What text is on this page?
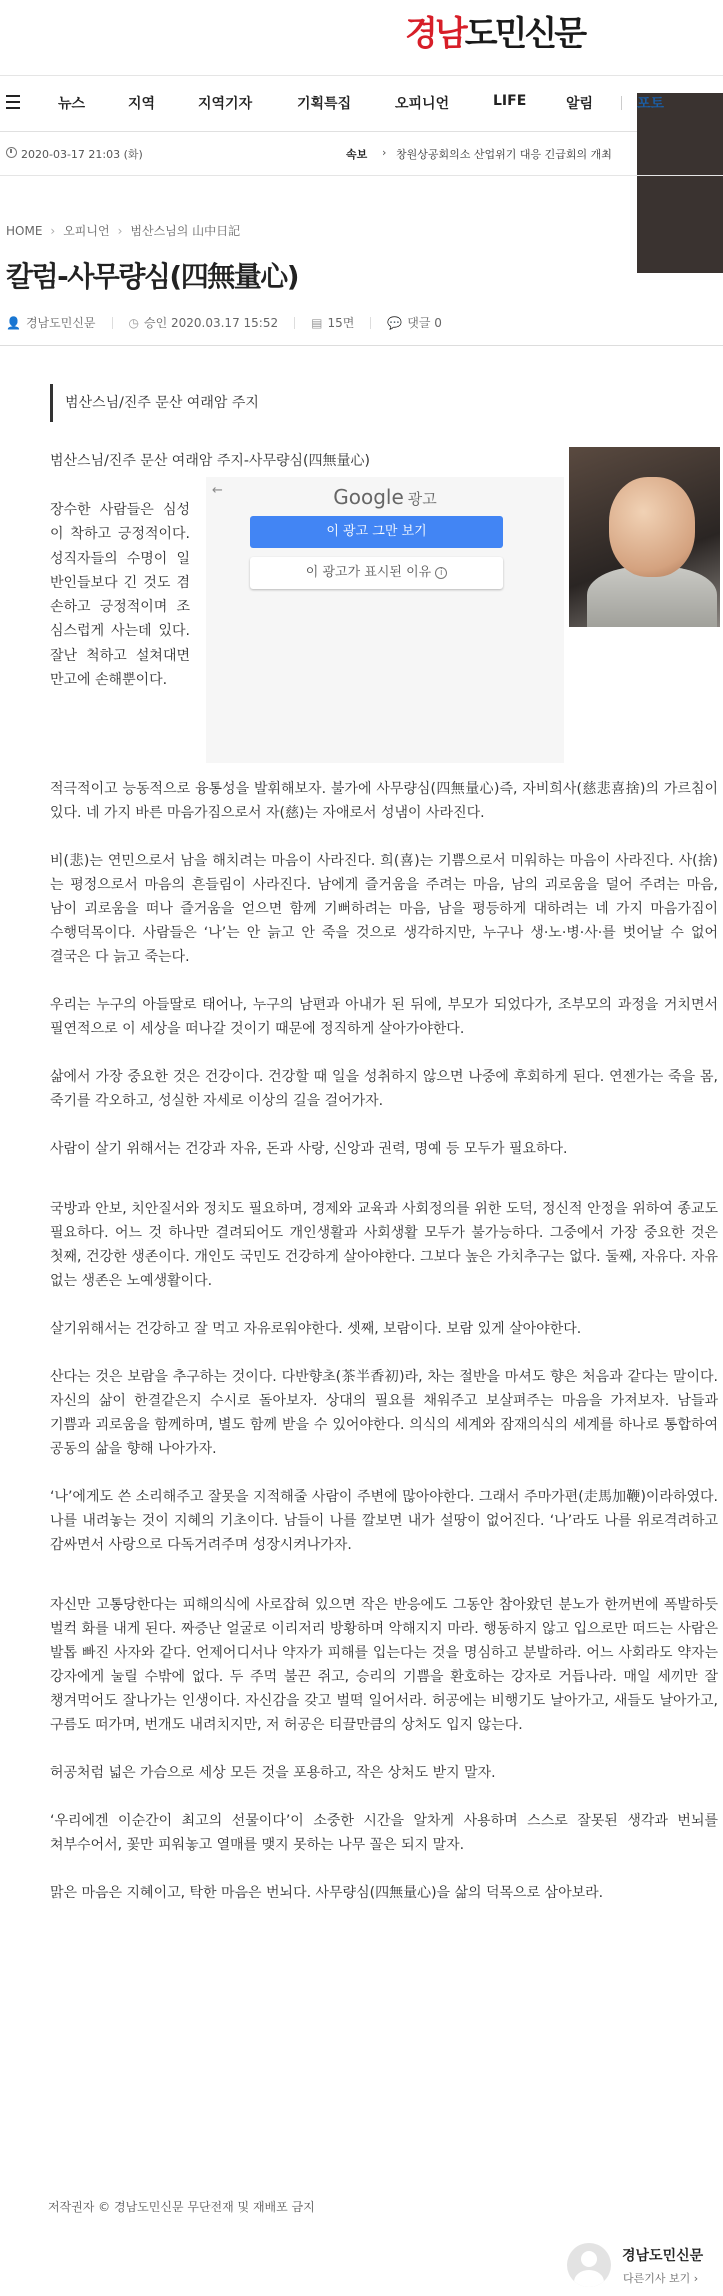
경남도민신문
뉴스	지역	지역기자	기획특집	오피니언	LIFE	알림	포토
2020-03-17 21:03 (화)	속보 › 창원상공회의소 산업위기 대응 긴급회의 개최
HOME › 오피니언 › 범산스님의 山中日記
칼럼-사무량심(四無量心)
👤 경남도민신문	◷ 승인 2020.03.17 15:52	▤ 15면	💬 댓글 0
범산스님/진주 문산 여래암 주지
범산스님/진주 문산 여래암 주지-사무량심(四無量心)
장수한 사람들은 심성이 착하고 긍정적이다. 성직자들의 수명이 일반인들보다 긴 것도 겸손하고 긍정적이며 조심스럽게 사는데 있다. 잘난 척하고 설쳐대면 만고에 손해뿐이다.
←	Google 광고
이 광고 그만 보기
이 광고가 표시된 이유 i

적극적이고 능동적으로 융통성을 발휘해보자. 불가에 사무량심(四無量心)즉, 자비희사(慈悲喜捨)의 가르침이 있다. 네 가지 바른 마음가짐으로서 자(慈)는 자애로서 성냄이 사라진다.

비(悲)는 연민으로서 남을 해치려는 마음이 사라진다. 희(喜)는 기쁨으로서 미워하는 마음이 사라진다. 사(捨)는 평정으로서 마음의 흔들림이 사라진다. 남에게 즐거움을 주려는 마음, 남의 괴로움을 덜어 주려는 마음, 남이 괴로움을 떠나 즐거움을 얻으면 함께 기뻐하려는 마음, 남을 평등하게 대하려는 네 가지 마음가짐이 수행덕목이다. 사람들은 ‘나’는 안 늙고 안 죽을 것으로 생각하지만, 누구나 생·노·병·사·를 벗어날 수 없어 결국은 다 늙고 죽는다.

우리는 누구의 아들딸로 태어나, 누구의 남편과 아내가 된 뒤에, 부모가 되었다가, 조부모의 과정을 거치면서 필연적으로 이 세상을 떠나갈 것이기 때문에 정직하게 살아가야한다.

삶에서 가장 중요한 것은 건강이다. 건강할 때 일을 성취하지 않으면 나중에 후회하게 된다. 연젠가는 죽을 몸, 죽기를 각오하고, 성실한 자세로 이상의 길을 걸어가자.

사람이 살기 위해서는 건강과 자유, 돈과 사랑, 신앙과 권력, 명예 등 모두가 필요하다.

국방과 안보, 치안질서와 정치도 필요하며, 경제와 교육과 사회정의를 위한 도덕, 정신적 안정을 위하여 종교도 필요하다. 어느 것 하나만 결려되어도 개인생활과 사회생활 모두가 불가능하다. 그중에서 가장 중요한 것은 첫째, 건강한 생존이다. 개인도 국민도 건강하게 살아야한다. 그보다 높은 가치추구는 없다. 둘째, 자유다. 자유 없는 생존은 노예생활이다.

살기위해서는 건강하고 잘 먹고 자유로워야한다. 셋째, 보람이다. 보람 있게 살아야한다.

산다는 것은 보람을 추구하는 것이다. 다반향초(茶半香初)라, 차는 절반을 마셔도 향은 처음과 같다는 말이다. 자신의 삶이 한결같은지 수시로 돌아보자. 상대의 필요를 채워주고 보살펴주는 마음을 가져보자. 남들과 기쁨과 괴로움을 함께하며, 별도 함께 받을 수 있어야한다. 의식의 세계와 잠재의식의 세계를 하나로 통합하여 공동의 삶을 향해 나아가자.

‘나’에게도 쓴 소리해주고 잘못을 지적해줄 사람이 주변에 많아야한다. 그래서 주마가편(走馬加鞭)이라하였다. 나를 내려놓는 것이 지혜의 기초이다. 남들이 나를 깔보면 내가 설땅이 없어진다. ‘나’라도 나를 위로격려하고 감싸면서 사랑으로 다독거려주며 성장시켜나가자.

자신만 고통당한다는 피해의식에 사로잡혀 있으면 작은 반응에도 그동안 참아왔던 분노가 한꺼번에 폭발하듯 벌컥 화를 내게 된다. 짜증난 얼굴로 이리저리 방황하며 악해지지 마라. 행동하지 않고 입으로만 떠드는 사람은 발톱 빠진 사자와 같다. 언제어디서나 약자가 피해를 입는다는 것을 명심하고 분발하라. 어느 사회라도 약자는 강자에게 눌릴 수밖에 없다. 두 주먹 불끈 쥐고, 승리의 기쁨을 환호하는 강자로 거듭나라. 매일 세끼만 잘 챙겨먹어도 잘나가는 인생이다. 자신감을 갖고 벌떡 일어서라. 허공에는 비행기도 날아가고, 새들도 날아가고, 구름도 떠가며, 번개도 내려치지만, 저 허공은 티끌만큼의 상처도 입지 않는다.

허공처럼 넓은 가슴으로 세상 모든 것을 포용하고, 작은 상처도 받지 말자.

‘우리에겐 이순간이 최고의 선물이다’이 소중한 시간을 알차게 사용하며 스스로 잘못된 생각과 번뇌를 쳐부수어서, 꽃만 피워놓고 열매를 맺지 못하는 나무 꼴은 되지 말자.

맑은 마음은 지혜이고, 탁한 마음은 번뇌다. 사무량심(四無量心)을 삶의 덕목으로 삼아보라.

저작권자 © 경남도민신문 무단전재 및 재배포 금지
경남도민신문
다른기사 보기 ›
